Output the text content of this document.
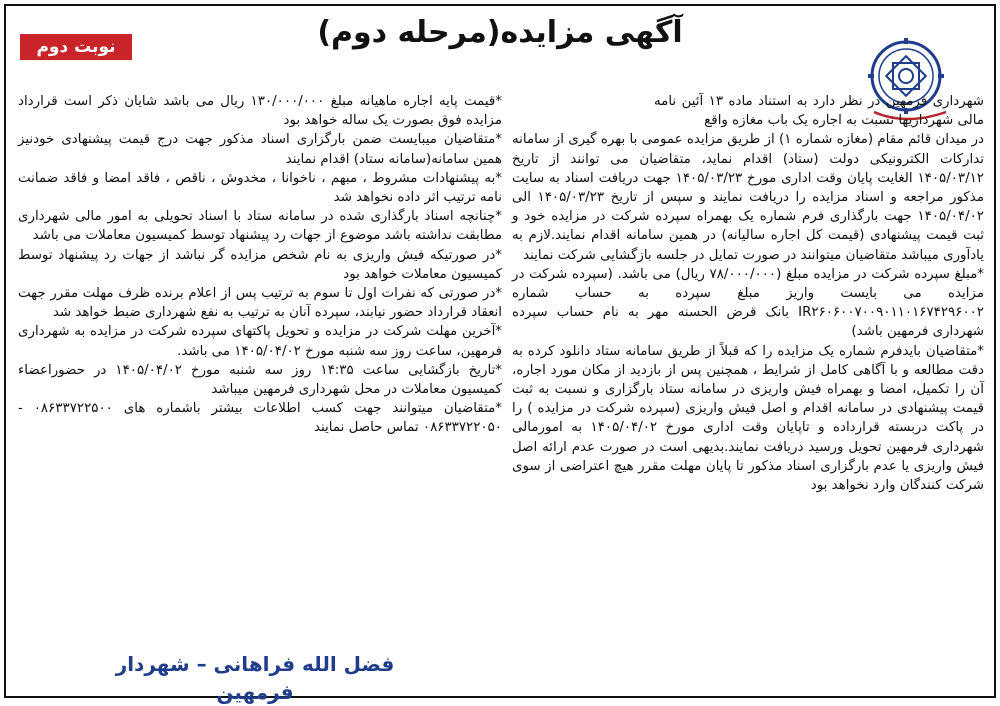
نوبت دوم	آگهی مزایده(مرحله دوم)

شهرداری فرمهین در نظر دارد به استناد ماده ۱۳ آئین نامه مالی شهرداریها نسبت به اجاره یک باب مغازه واقع

در میدان قائم مقام (مغازه شماره ۱) از طریق مزایده عمومی با بهره گیری از سامانه تدارکات الکترونیکی دولت (ستاد) اقدام نماید، متقاضیان می توانند از تاریخ ۱۴۰۵/۰۳/۱۲ الغایت پایان وقت اداری مورخ ۱۴۰۵/۰۳/۲۳ جهت دریافت اسناد به سایت مذکور مراجعه و اسناد مزایده را دریافت نمایند و سپس از تاریخ ۱۴۰۵/۰۳/۲۳ الی ۱۴۰۵/۰۴/۰۲ جهت بارگذاری فرم شماره یک بهمراه سپرده شرکت در مزایده خود و ثبت قیمت پیشنهادی (قیمت کل اجاره سالیانه) در همین سامانه اقدام نمایند.لازم به یادآوری میباشد متقاضیان میتوانند در صورت تمایل در جلسه بازگشایی شرکت نمایند

*مبلغ سپرده شرکت در مزایده مبلغ (۷۸/۰۰۰/۰۰۰ ریال) می باشد. (سپرده شرکت در مزایده می بایست واریز مبلغ سپرده به حساب شماره IR۲۶۰۶۰۰۷۰۰۹۰۱۱۰۱۶۷۴۲۹۶۰۰۲ بانک قرض الحسنه مهر به نام حساب سپرده شهرداری فرمهین باشد)

*متقاضیان بایدفرم شماره یک مزایده را که قبلاً از طریق سامانه ستاد دانلود کرده به دقت مطالعه و با آگاهی کامل از شرایط ، همچنین پس از بازدید از مکان مورد اجاره، آن را تکمیل، امضا و بهمراه فیش واریزی در سامانه ستاد بارگزاری و نسبت به ثبت قیمت پیشنهادی در سامانه اقدام و اصل فیش واریزی (سپرده شرکت در مزایده ) را در پاکت دربسته قرارداده و تاپایان وقت اداری مورخ ۱۴۰۵/۰۴/۰۲ به امورمالی شهرداری فرمهین تحویل ورسید دریافت نمایند.بدیهی است در صورت عدم ارائه اصل فیش واریزی یا عدم بارگزاری اسناد مذکور تا پایان مهلت مقرر هیچ اعتراضی از سوی شرکت کنندگان وارد نخواهد بود

*قیمت پایه اجاره ماهیانه مبلغ ۱۳۰/۰۰۰/۰۰۰ ریال می باشد شایان ذکر است قرارداد مزایده فوق بصورت یک ساله خواهد بود

*متقاضیان میبایست ضمن بارگزاری اسناد مذکور جهت درج قیمت پیشنهادی خودنیز همین سامانه(سامانه ستاد) اقدام نمایند

*به پیشنهادات مشروط ، مبهم ، ناخوانا ، مخدوش ، ناقص ، فاقد امضا و فاقد ضمانت نامه ترتیب اثر داده نخواهد شد

*چنانچه اسناد بارگذاری شده در سامانه ستاد با اسناد تحویلی به امور مالی شهرداری مطابقت نداشته باشد موضوع از جهات رد پیشنهاد توسط کمیسیون معاملات می باشد

*در صورتیکه فیش واریزی به نام شخص مزایده گر نباشد از جهات رد پیشنهاد توسط کمیسیون معاملات خواهد بود

*در صورتی که نفرات اول تا سوم به ترتیب پس از اعلام برنده ظرف مهلت مقرر جهت انعقاد قرارداد حضور نیابند، سپرده آنان به ترتیب به نفع شهرداری ضبط خواهد شد

*آخرین مهلت شرکت در مزایده و تحویل پاکتهای سپرده شرکت در مزایده به شهرداری فرمهین، ساعت روز سه شنبه مورخ ۱۴۰۵/۰۴/۰۲ می باشد.

*تاریخ بازگشایی ساعت ۱۴:۳۵ روز سه شنبه مورخ ۱۴۰۵/۰۴/۰۲ در حضوراعضاء کمیسیون معاملات در محل شهرداری فرمهین میباشد

*متقاضیان میتوانند جهت کسب اطلاعات بیشتر باشماره های ۰۸۶۳۳۷۲۲۵۰۰ - ۰۸۶۳۳۷۲۲۰۵۰ تماس حاصل نمایند

فضل الله فراهانی – شهردار فرمهین
